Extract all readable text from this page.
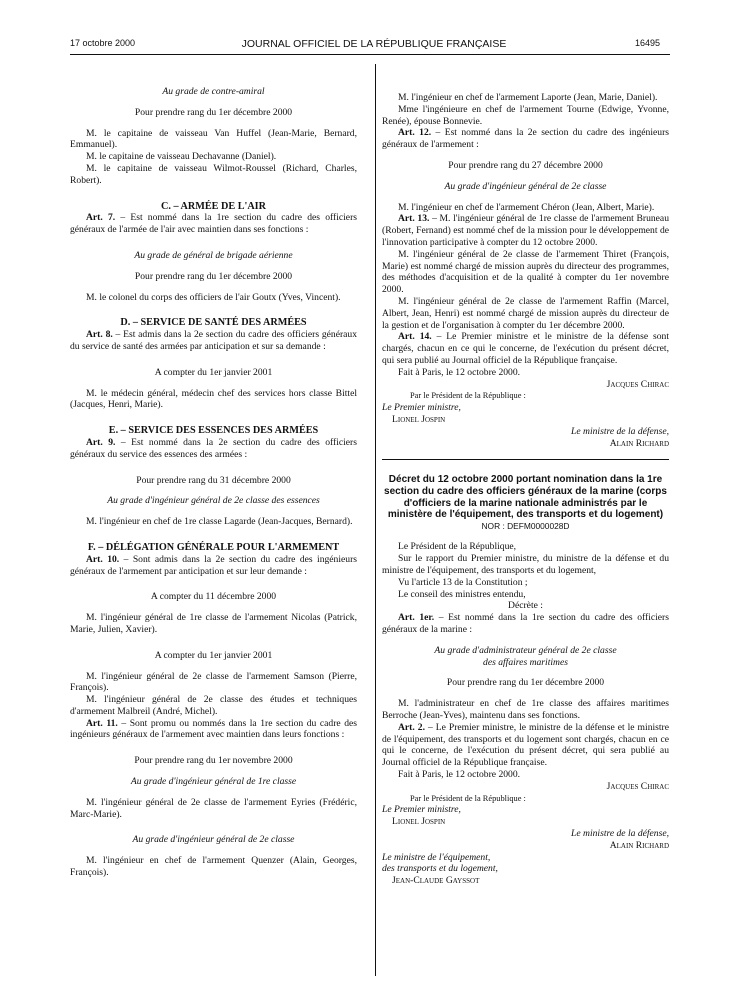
17 octobre 2000	JOURNAL OFFICIEL DE LA RÉPUBLIQUE FRANÇAISE	16495

Au grade de contre-amiral

Pour prendre rang du 1er décembre 2000

M. le capitaine de vaisseau Van Huffel (Jean-Marie, Bernard, Emmanuel).

M. le capitaine de vaisseau Dechavanne (Daniel).

M. le capitaine de vaisseau Wilmot-Roussel (Richard, Charles, Robert).

C. – ARMÉE DE L'AIR

Art. 7. – Est nommé dans la 1re section du cadre des officiers généraux de l'armée de l'air avec maintien dans ses fonctions :

Au grade de général de brigade aérienne

Pour prendre rang du 1er décembre 2000

M. le colonel du corps des officiers de l'air Goutx (Yves, Vincent).

D. – SERVICE DE SANTÉ DES ARMÉES

Art. 8. – Est admis dans la 2e section du cadre des officiers généraux du service de santé des armées par anticipation et sur sa demande :

A compter du 1er janvier 2001

M. le médecin général, médecin chef des services hors classe Bittel (Jacques, Henri, Marie).

E. – SERVICE DES ESSENCES DES ARMÉES

Art. 9. – Est nommé dans la 2e section du cadre des officiers généraux du service des essences des armées :

Pour prendre rang du 31 décembre 2000

Au grade d'ingénieur général de 2e classe des essences

M. l'ingénieur en chef de 1re classe Lagarde (Jean-Jacques, Bernard).

F. – DÉLÉGATION GÉNÉRALE POUR L'ARMEMENT

Art. 10. – Sont admis dans la 2e section du cadre des ingénieurs généraux de l'armement par anticipation et sur leur demande :

A compter du 11 décembre 2000

M. l'ingénieur général de 1re classe de l'armement Nicolas (Patrick, Marie, Julien, Xavier).

A compter du 1er janvier 2001

M. l'ingénieur général de 2e classe de l'armement Samson (Pierre, François).

M. l'ingénieur général de 2e classe des études et techniques d'armement Malbreil (André, Michel).

Art. 11. – Sont promu ou nommés dans la 1re section du cadre des ingénieurs généraux de l'armement avec maintien dans leurs fonctions :

Pour prendre rang du 1er novembre 2000

Au grade d'ingénieur général de 1re classe

M. l'ingénieur général de 2e classe de l'armement Eyries (Frédéric, Marc-Marie).

Au grade d'ingénieur général de 2e classe

M. l'ingénieur en chef de l'armement Quenzer (Alain, Georges, François).

M. l'ingénieur en chef de l'armement Laporte (Jean, Marie, Daniel).

Mme l'ingénieure en chef de l'armement Tourne (Edwige, Yvonne, Renée), épouse Bonnevie.

Art. 12. – Est nommé dans la 2e section du cadre des ingénieurs généraux de l'armement :

Pour prendre rang du 27 décembre 2000

Au grade d'ingénieur général de 2e classe

M. l'ingénieur en chef de l'armement Chéron (Jean, Albert, Marie).

Art. 13. – M. l'ingénieur général de 1re classe de l'armement Bruneau (Robert, Fernand) est nommé chef de la mission pour le développement de l'innovation participative à compter du 12 octobre 2000.

M. l'ingénieur général de 2e classe de l'armement Thiret (François, Marie) est nommé chargé de mission auprès du directeur des programmes, des méthodes d'acquisition et de la qualité à compter du 1er novembre 2000.

M. l'ingénieur général de 2e classe de l'armement Raffin (Marcel, Albert, Jean, Henri) est nommé chargé de mission auprès du directeur de la gestion et de l'organisation à compter du 1er décembre 2000.

Art. 14. – Le Premier ministre et le ministre de la défense sont chargés, chacun en ce qui le concerne, de l'exécution du présent décret, qui sera publié au Journal officiel de la République française.

Fait à Paris, le 12 octobre 2000.

Jacques Chirac

Par le Président de la République :

Le Premier ministre,

Lionel Jospin

Le ministre de la défense,

Alain Richard

Décret du 12 octobre 2000 portant nomination dans la 1re section du cadre des officiers généraux de la marine (corps d'officiers de la marine nationale administrés par le ministère de l'équipement, des transports et du logement)

NOR : DEFM0000028D

Le Président de la République,

Sur le rapport du Premier ministre, du ministre de la défense et du ministre de l'équipement, des transports et du logement,

Vu l'article 13 de la Constitution ;

Le conseil des ministres entendu,

Décrète :

Art. 1er. – Est nommé dans la 1re section du cadre des officiers généraux de la marine :

Au grade d'administrateur général de 2e classe

des affaires maritimes

Pour prendre rang du 1er décembre 2000

M. l'administrateur en chef de 1re classe des affaires maritimes Berroche (Jean-Yves), maintenu dans ses fonctions.

Art. 2. – Le Premier ministre, le ministre de la défense et le ministre de l'équipement, des transports et du logement sont chargés, chacun en ce qui le concerne, de l'exécution du présent décret, qui sera publié au Journal officiel de la République française.

Fait à Paris, le 12 octobre 2000.

Jacques Chirac

Par le Président de la République :

Le Premier ministre,

Lionel Jospin

Le ministre de la défense,

Alain Richard

Le ministre de l'équipement,

des transports et du logement,

Jean-Claude Gayssot
